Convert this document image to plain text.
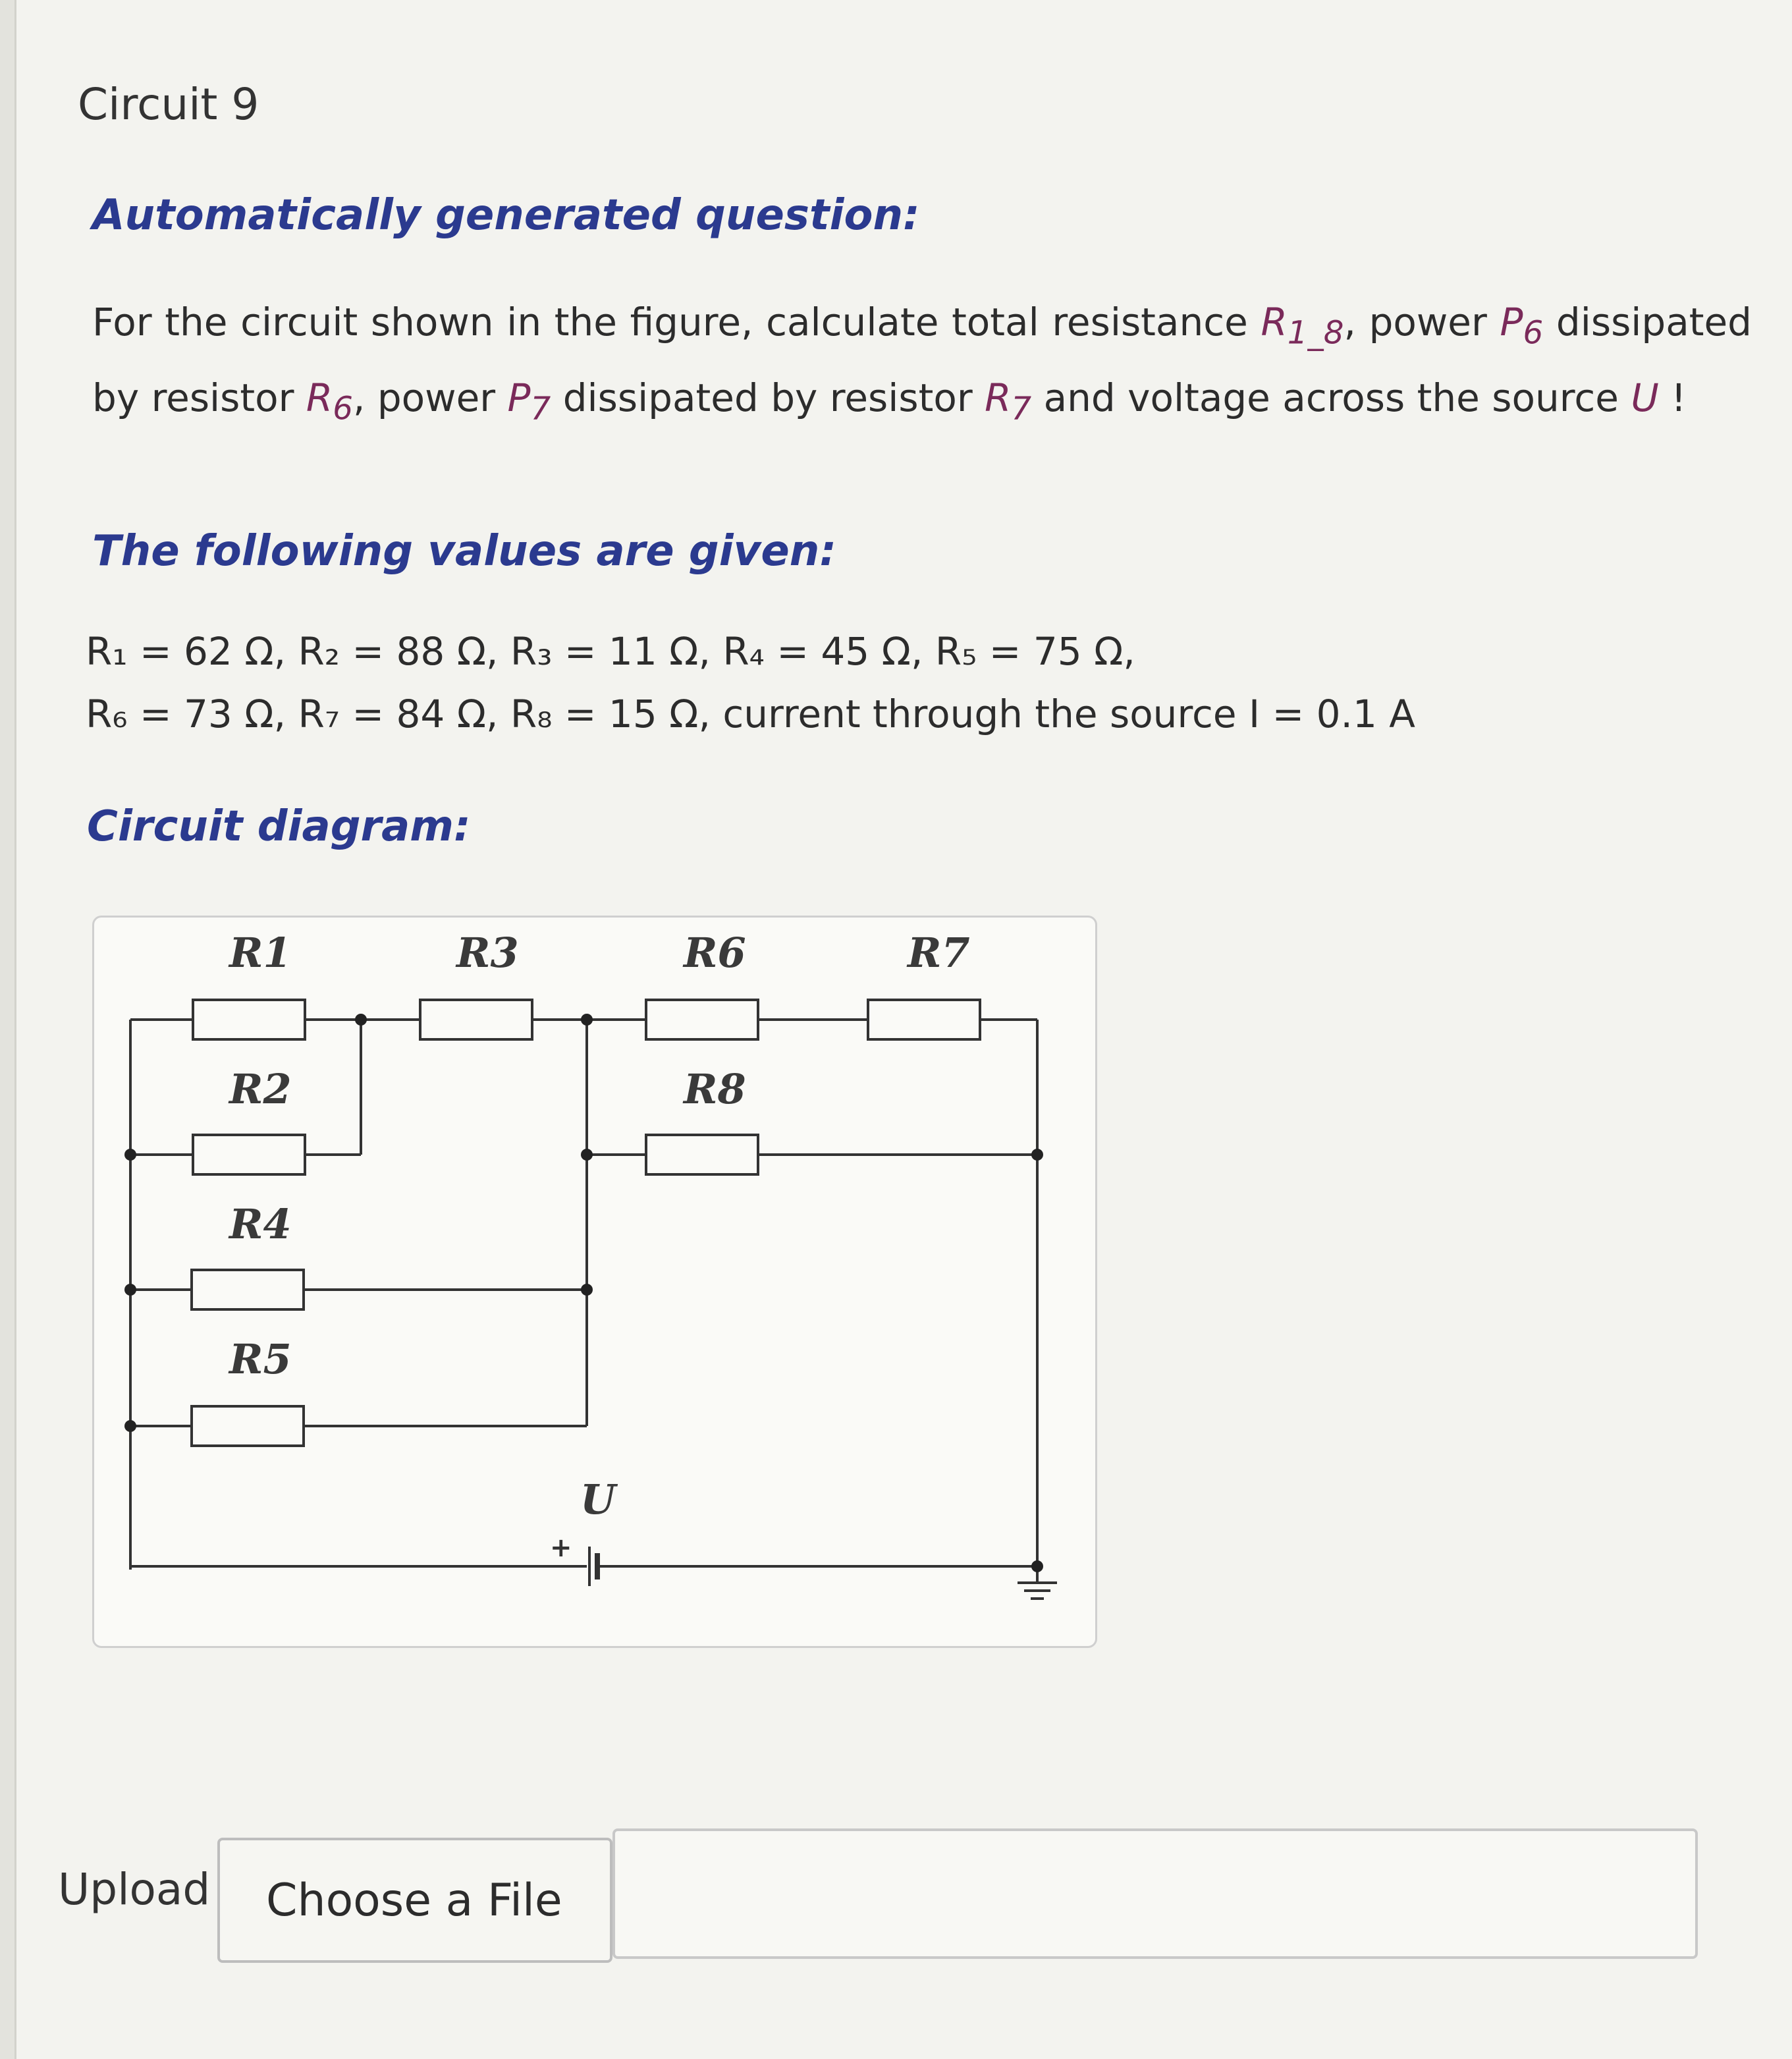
Circuit 9
Automatically generated question:
For the circuit shown in the figure, calculate total resistance $R_{1\_8}$, power $P_6$ dissipated by resistor $R_6$, power $P_7$ dissipated by resistor $R_7$ and voltage across the source U !
The following values are given:
R₁ = 62 Ω, R₂ = 88 Ω, R₃ = 11 Ω, R₄ = 45 Ω, R₅ = 75 Ω,
R₆ = 73 Ω, R₇ = 84 Ω, R₈ = 15 Ω, current through the source I = 0.1 A
Circuit diagram:
R1
R2
R3
R4
R5
R6	R7
R8
U
+
Upload	Choose a File
